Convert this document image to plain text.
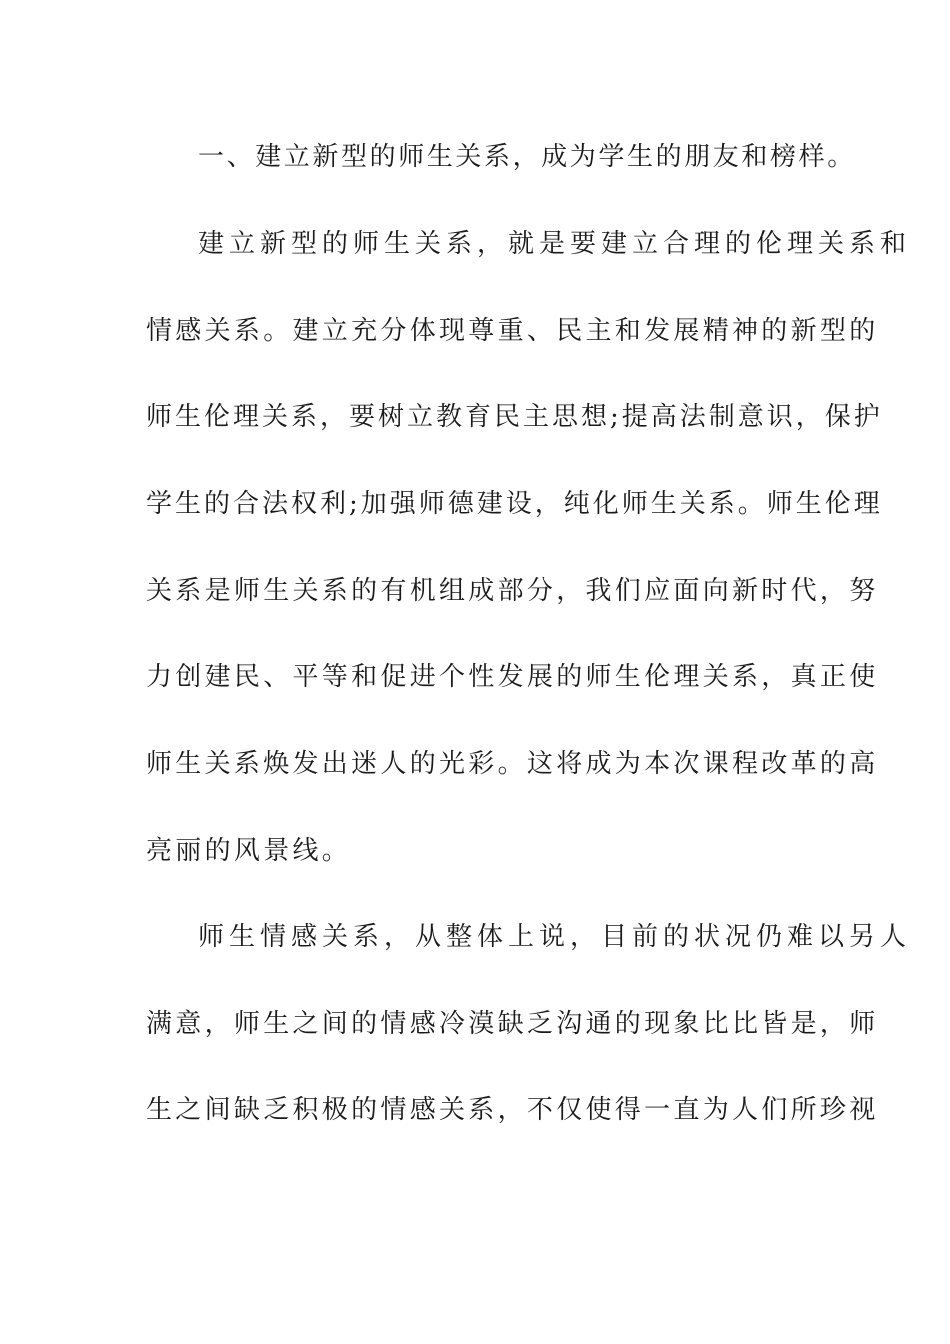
一、建立新型的师生关系，成为学生的朋友和榜样。
建立新型的师生关系，就是要建立合理的伦理关系和
情感关系。建立充分体现尊重、民主和发展精神的新型的
师生伦理关系，要树立教育民主思想;提高法制意识，保护
学生的合法权利;加强师德建设，纯化师生关系。师生伦理
关系是师生关系的有机组成部分，我们应面向新时代，努
力创建民、平等和促进个性发展的师生伦理关系，真正使
师生关系焕发出迷人的光彩。这将成为本次课程改革的高
亮丽的风景线。
师生情感关系，从整体上说，目前的状况仍难以另人
满意，师生之间的情感冷漠缺乏沟通的现象比比皆是，师
生之间缺乏积极的情感关系，不仅使得一直为人们所珍视
